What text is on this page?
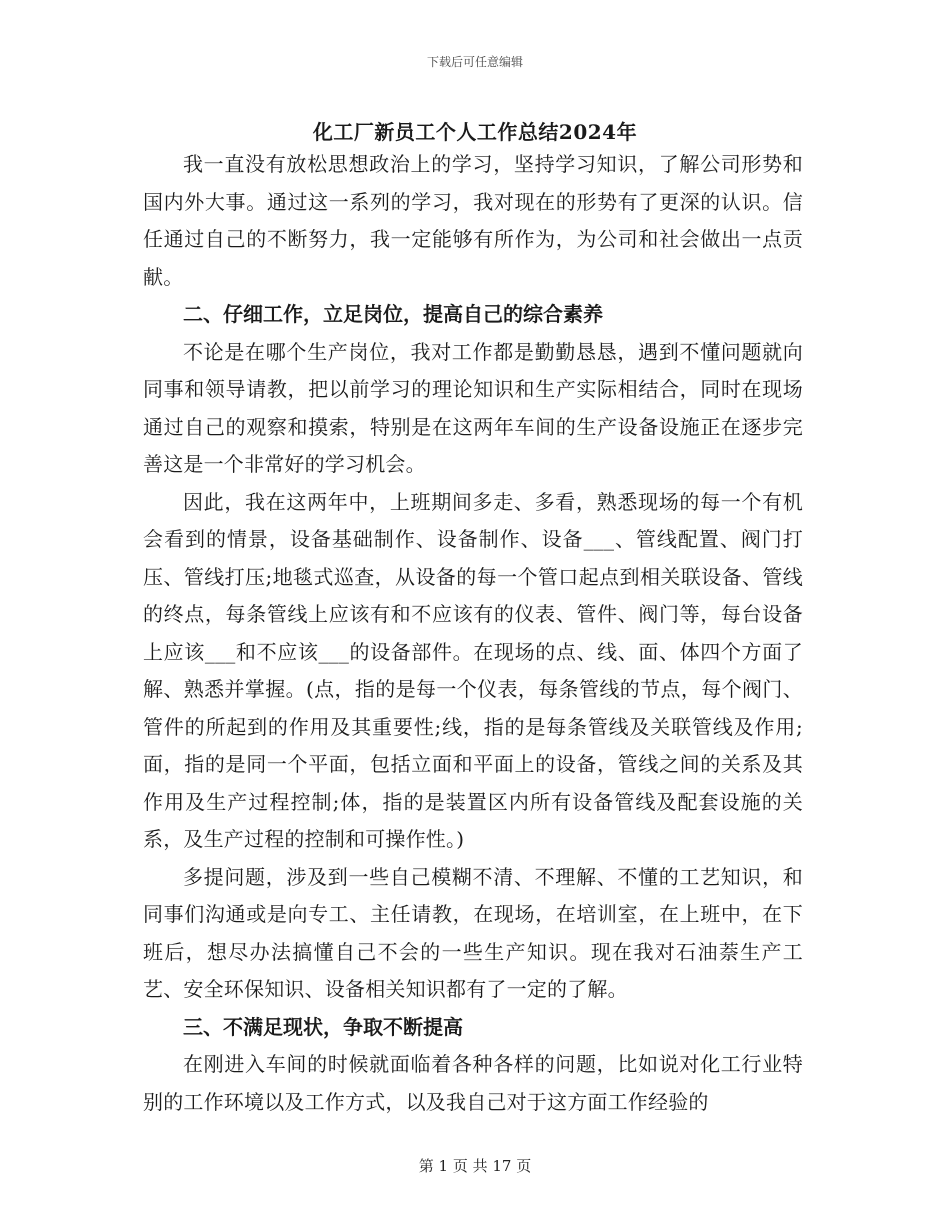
下载后可任意编辑
化工厂新员工个人工作总结2024年

我一直没有放松思想政治上的学习，坚持学习知识，了解公司形势和国内外大事。通过这一系列的学习，我对现在的形势有了更深的认识。信任通过自己的不断努力，我一定能够有所作为，为公司和社会做出一点贡献。

二、仔细工作，立足岗位，提高自己的综合素养

不论是在哪个生产岗位，我对工作都是勤勤恳恳，遇到不懂问题就向同事和领导请教，把以前学习的理论知识和生产实际相结合，同时在现场通过自己的观察和摸索，特别是在这两年车间的生产设备设施正在逐步完善这是一个非常好的学习机会。

因此，我在这两年中，上班期间多走、多看，熟悉现场的每一个有机会看到的情景，设备基础制作、设备制作、设备___、管线配置、阀门打压、管线打压;地毯式巡查，从设备的每一个管口起点到相关联设备、管线的终点，每条管线上应该有和不应该有的仪表、管件、阀门等，每台设备上应该___和不应该___的设备部件。在现场的点、线、面、体四个方面了解、熟悉并掌握。(点，指的是每一个仪表，每条管线的节点，每个阀门、管件的所起到的作用及其重要性;线，指的是每条管线及关联管线及作用;面，指的是同一个平面，包括立面和平面上的设备，管线之间的关系及其作用及生产过程控制;体，指的是装置区内所有设备管线及配套设施的关系，及生产过程的控制和可操作性。)

多提问题，涉及到一些自己模糊不清、不理解、不懂的工艺知识，和同事们沟通或是向专工、主任请教，在现场，在培训室，在上班中，在下班后，想尽办法搞懂自己不会的一些生产知识。现在我对石油萘生产工艺、安全环保知识、设备相关知识都有了一定的了解。

三、不满足现状，争取不断提高

在刚进入车间的时候就面临着各种各样的问题，比如说对化工行业特别的工作环境以及工作方式，以及我自己对于这方面工作经验的

第 1 页 共 17 页
